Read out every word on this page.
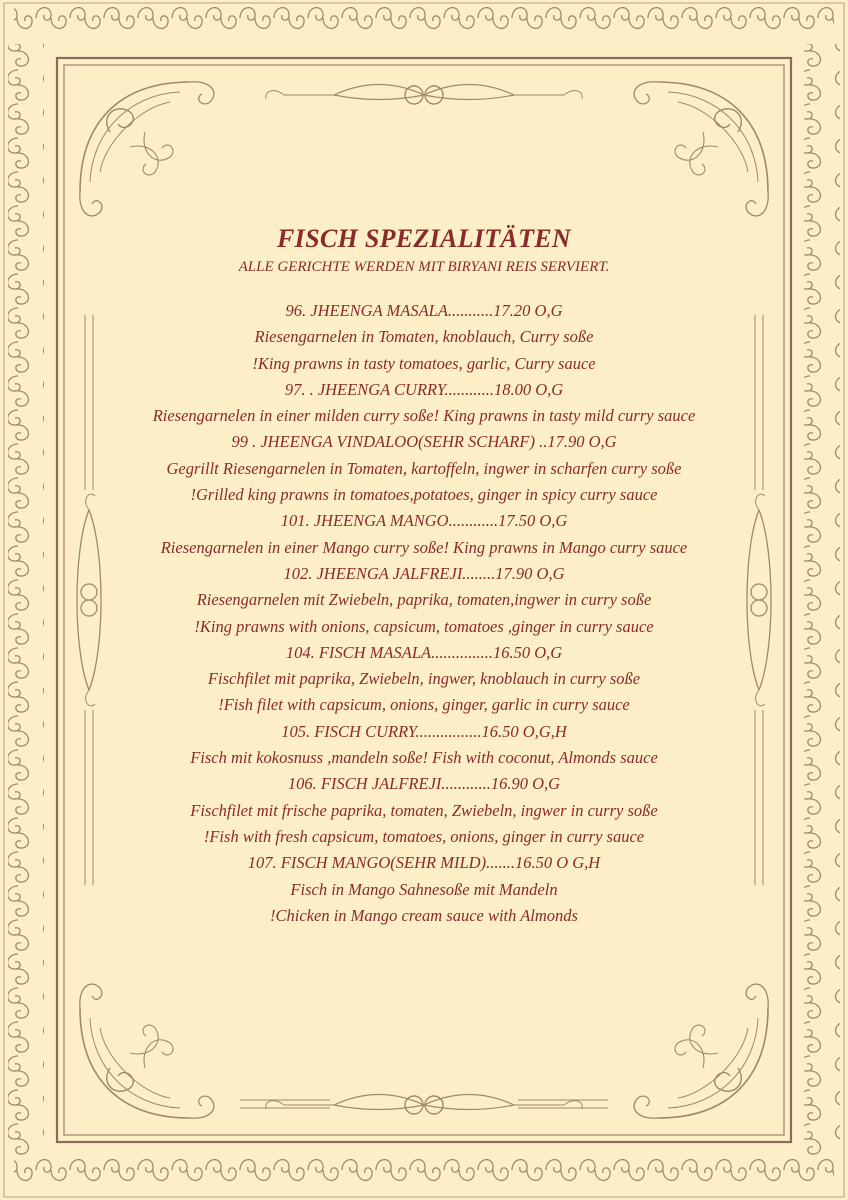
FISCH SPEZIALITÄTEN

ALLE GERICHTE WERDEN MIT BIRYANI REIS SERVIERT.

96. JHEENGA MASALA...........17.20 O,G
Riesengarnelen in Tomaten, knoblauch, Curry soße
!King prawns in tasty tomatoes, garlic, Curry sauce
97. . JHEENGA CURRY............18.00 O,G
Riesengarnelen in einer milden curry soße! King prawns in tasty mild curry sauce
99 . JHEENGA VINDALOO(SEHR SCHARF) ..17.90 O,G
Gegrillt Riesengarnelen in Tomaten, kartoffeln, ingwer in scharfen curry soße
!Grilled king prawns in tomatoes,potatoes, ginger in spicy curry sauce
101. JHEENGA MANGO............17.50 O,G
Riesengarnelen in einer Mango curry soße! King prawns in Mango curry sauce
102. JHEENGA JALFREJI........17.90 O,G
Riesengarnelen mit Zwiebeln, paprika, tomaten,ingwer in curry soße
!King prawns with onions, capsicum, tomatoes ,ginger in curry sauce
104. FISCH MASALA...............16.50 O,G
Fischfilet mit paprika, Zwiebeln, ingwer, knoblauch in curry soße
!Fish filet with capsicum, onions, ginger, garlic in curry sauce
105. FISCH CURRY................16.50 O,G,H
Fisch mit kokosnuss ,mandeln soße! Fish with coconut, Almonds sauce
106. FISCH JALFREJI............16.90 O,G
Fischfilet mit frische paprika, tomaten, Zwiebeln, ingwer in curry soße
!Fish with fresh capsicum, tomatoes, onions, ginger in curry sauce
107. FISCH MANGO(SEHR MILD).......16.50 O G,H
Fisch in Mango Sahnesoße mit Mandeln
!Chicken in Mango cream sauce with Almonds
